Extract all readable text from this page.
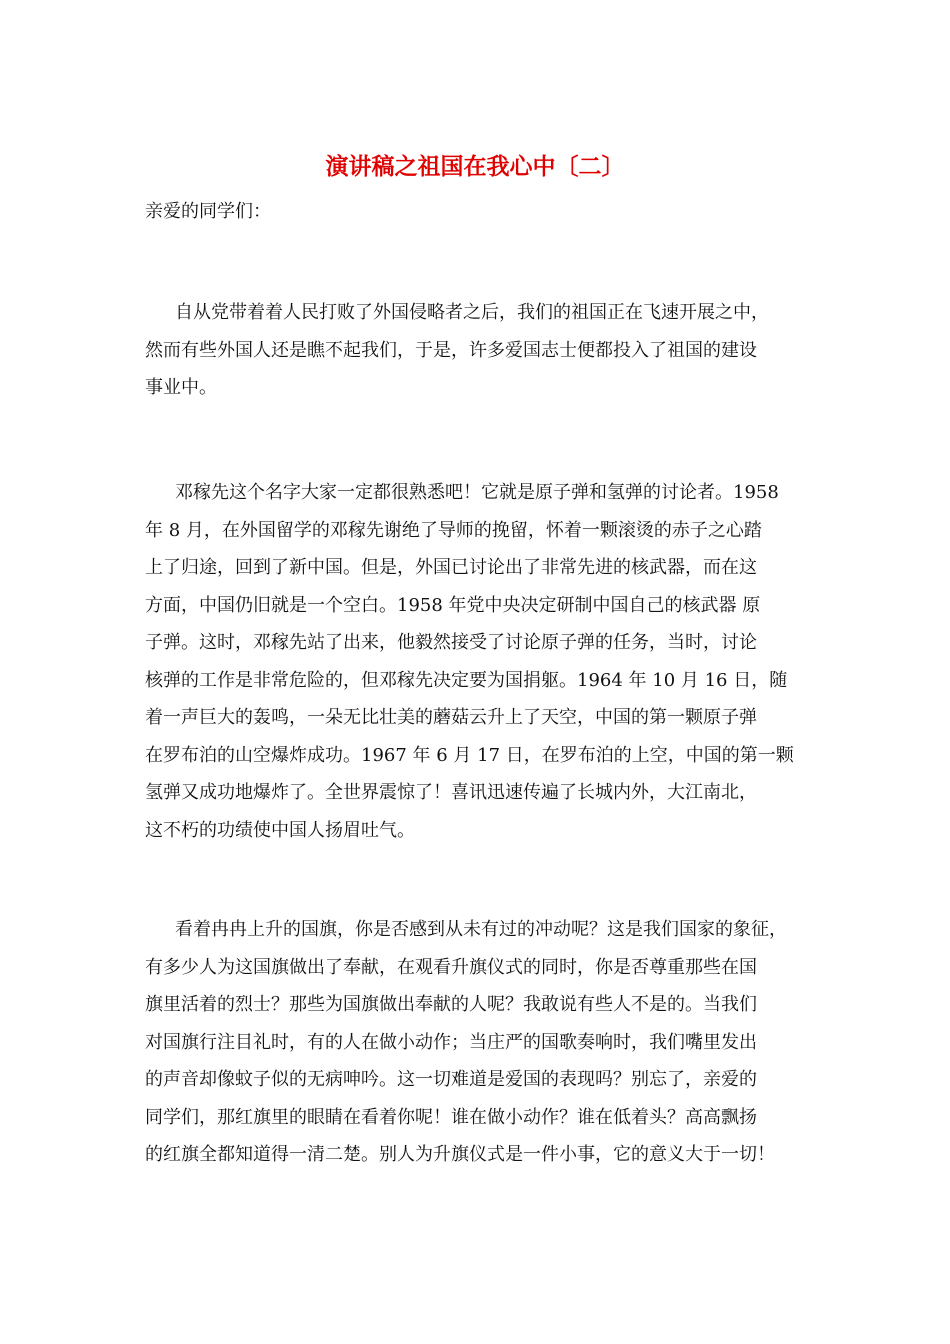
演讲稿之祖国在我心中〔二〕
亲爱的同学们：
自从党带着着人民打败了外国侵略者之后，我们的祖国正在飞速开展之中，
然而有些外国人还是瞧不起我们，于是，许多爱国志士便都投入了祖国的建设
事业中。
邓稼先这个名字大家一定都很熟悉吧！它就是原子弹和氢弹的讨论者。1958
年 8 月，在外国留学的邓稼先谢绝了导师的挽留，怀着一颗滚烫的赤子之心踏
上了归途，回到了新中国。但是，外国已讨论出了非常先进的核武器，而在这
方面，中国仍旧就是一个空白。1958 年党中央决定研制中国自己的核武器 原
子弹。这时，邓稼先站了出来，他毅然接受了讨论原子弹的任务，当时，讨论
核弹的工作是非常危险的，但邓稼先决定要为国捐躯。1964 年 10 月 16 日，随
着一声巨大的轰鸣，一朵无比壮美的蘑菇云升上了天空，中国的第一颗原子弹
在罗布泊的山空爆炸成功。1967 年 6 月 17 日，在罗布泊的上空，中国的第一颗
氢弹又成功地爆炸了。全世界震惊了！喜讯迅速传遍了长城内外，大江南北，
这不朽的功绩使中国人扬眉吐气。
看着冉冉上升的国旗，你是否感到从未有过的冲动呢？这是我们国家的象征，
有多少人为这国旗做出了奉献，在观看升旗仪式的同时，你是否尊重那些在国
旗里活着的烈士？那些为国旗做出奉献的人呢？我敢说有些人不是的。当我们
对国旗行注目礼时，有的人在做小动作；当庄严的国歌奏响时，我们嘴里发出
的声音却像蚊子似的无病呻吟。这一切难道是爱国的表现吗？别忘了，亲爱的
同学们，那红旗里的眼睛在看着你呢！谁在做小动作？谁在低着头？高高飘扬
的红旗全都知道得一清二楚。别人为升旗仪式是一件小事，它的意义大于一切！
